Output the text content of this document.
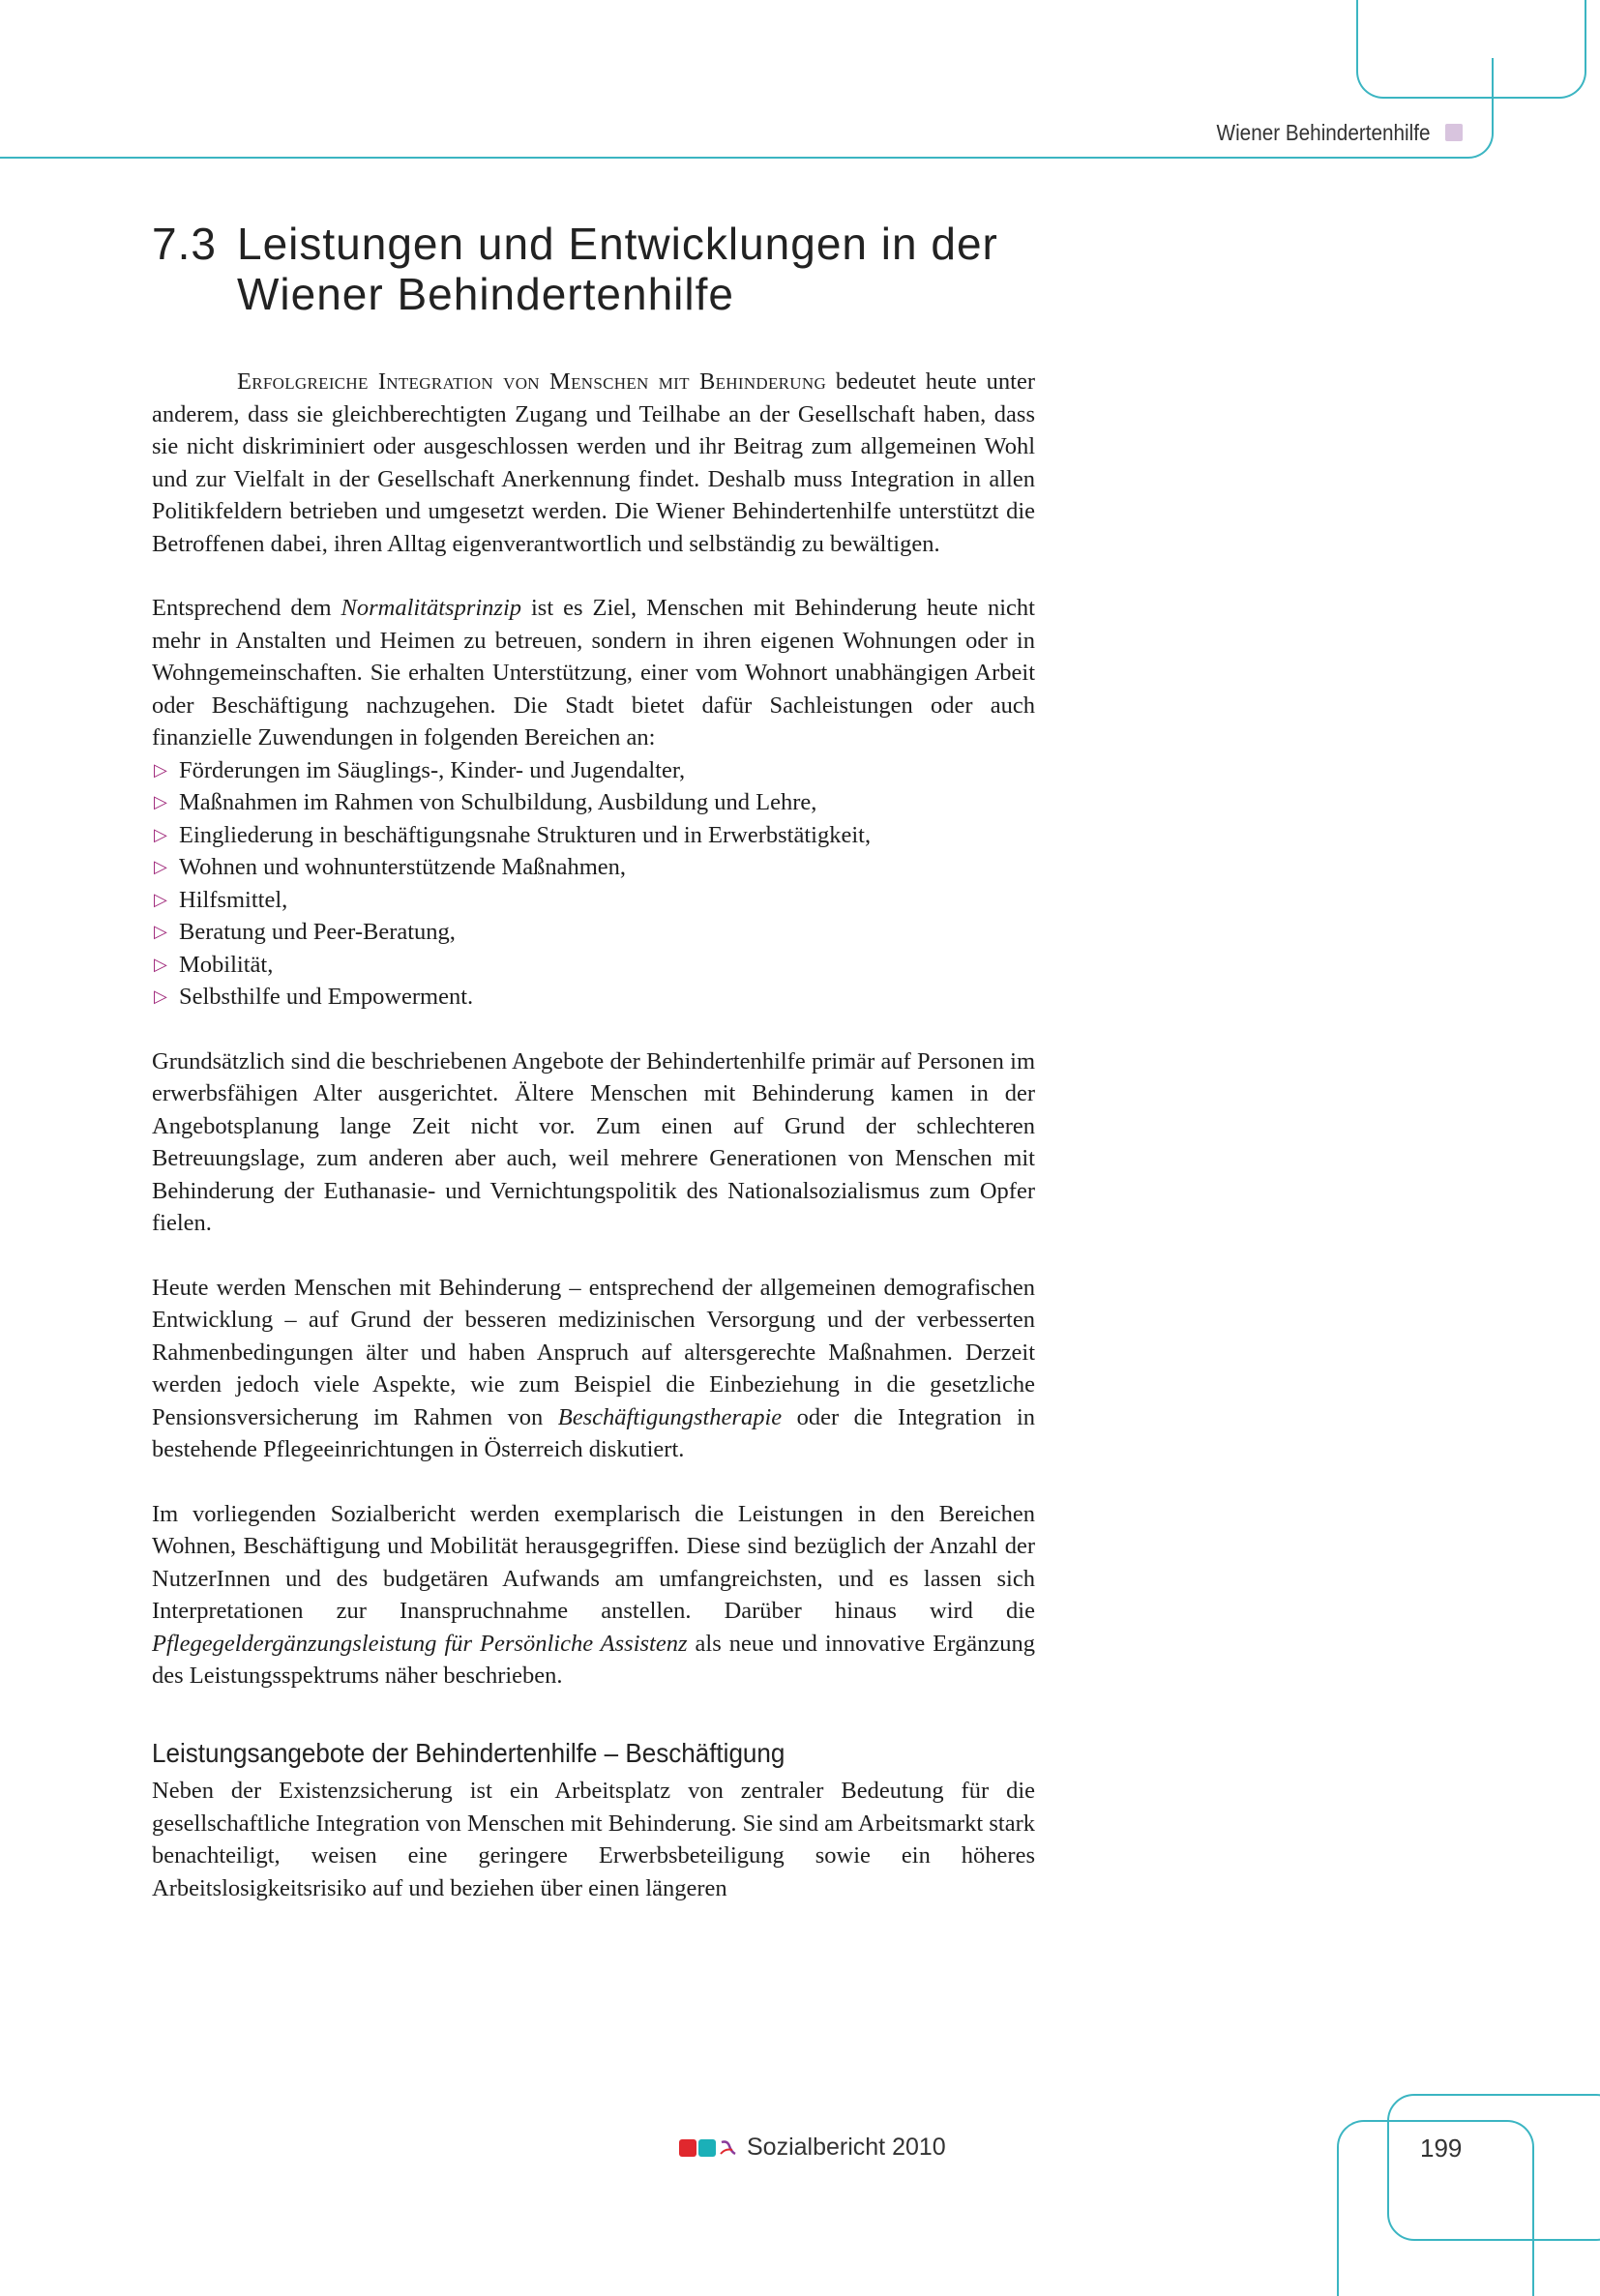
Wiener Behindertenhilfe
7.3 Leistungen und Entwicklungen in der
Wiener Behindertenhilfe

Erfolgreiche Integration von Menschen mit Behinderung bedeutet heute unter anderem, dass sie gleichberechtigten Zugang und Teilhabe an der Gesellschaft haben, dass sie nicht diskriminiert oder ausgeschlossen werden und ihr Beitrag zum allgemeinen Wohl und zur Vielfalt in der Gesellschaft Anerkennung findet. Deshalb muss Integration in allen Politikfeldern betrieben und umgesetzt werden. Die Wiener Behindertenhilfe unterstützt die Betroffenen dabei, ihren Alltag eigenverantwortlich und selbständig zu bewältigen.

Entsprechend dem Normalitätsprinzip ist es Ziel, Menschen mit Behinderung heute nicht mehr in Anstalten und Heimen zu betreuen, sondern in ihren eigenen Wohnungen oder in Wohngemeinschaften. Sie erhalten Unterstützung, einer vom Wohnort unabhängigen Arbeit oder Beschäftigung nachzugehen. Die Stadt bietet dafür Sachleistungen oder auch finanzielle Zuwendungen in folgenden Bereichen an:

▷ Förderungen im Säuglings-, Kinder- und Jugendalter,
▷ Maßnahmen im Rahmen von Schulbildung, Ausbildung und Lehre,
▷ Eingliederung in beschäftigungsnahe Strukturen und in Erwerbstätigkeit,
▷ Wohnen und wohnunterstützende Maßnahmen,
▷ Hilfsmittel,
▷ Beratung und Peer-Beratung,
▷ Mobilität,
▷ Selbsthilfe und Empowerment.

Grundsätzlich sind die beschriebenen Angebote der Behindertenhilfe primär auf Personen im erwerbsfähigen Alter ausgerichtet. Ältere Menschen mit Behinderung kamen in der Angebotsplanung lange Zeit nicht vor. Zum einen auf Grund der schlechteren Betreuungslage, zum anderen aber auch, weil mehrere Generationen von Menschen mit Behinderung der Euthanasie- und Vernichtungspolitik des Nationalsozialismus zum Opfer fielen.

Heute werden Menschen mit Behinderung – entsprechend der allgemeinen demografischen Entwicklung – auf Grund der besseren medizinischen Versorgung und der verbesserten Rahmenbedingungen älter und haben Anspruch auf altersgerechte Maßnahmen. Derzeit werden jedoch viele Aspekte, wie zum Beispiel die Einbeziehung in die gesetzliche Pensionsversicherung im Rahmen von Beschäftigungstherapie oder die Integration in bestehende Pflegeeinrichtungen in Österreich diskutiert.

Im vorliegenden Sozialbericht werden exemplarisch die Leistungen in den Bereichen Wohnen, Beschäftigung und Mobilität herausgegriffen. Diese sind bezüglich der Anzahl der NutzerInnen und des budgetären Aufwands am umfangreichsten, und es lassen sich Interpretationen zur Inanspruchnahme anstellen. Darüber hinaus wird die Pflegegeldergänzungsleistung für Persönliche Assistenz als neue und innovative Ergänzung des Leistungsspektrums näher beschrieben.

Leistungsangebote der Behindertenhilfe – Beschäftigung

Neben der Existenzsicherung ist ein Arbeitsplatz von zentraler Bedeutung für die gesellschaftliche Integration von Menschen mit Behinderung. Sie sind am Arbeitsmarkt stark benachteiligt, weisen eine geringere Erwerbsbeteiligung sowie ein höheres Arbeitslosigkeitsrisiko auf und beziehen über einen längeren

Sozialbericht 2010	199
